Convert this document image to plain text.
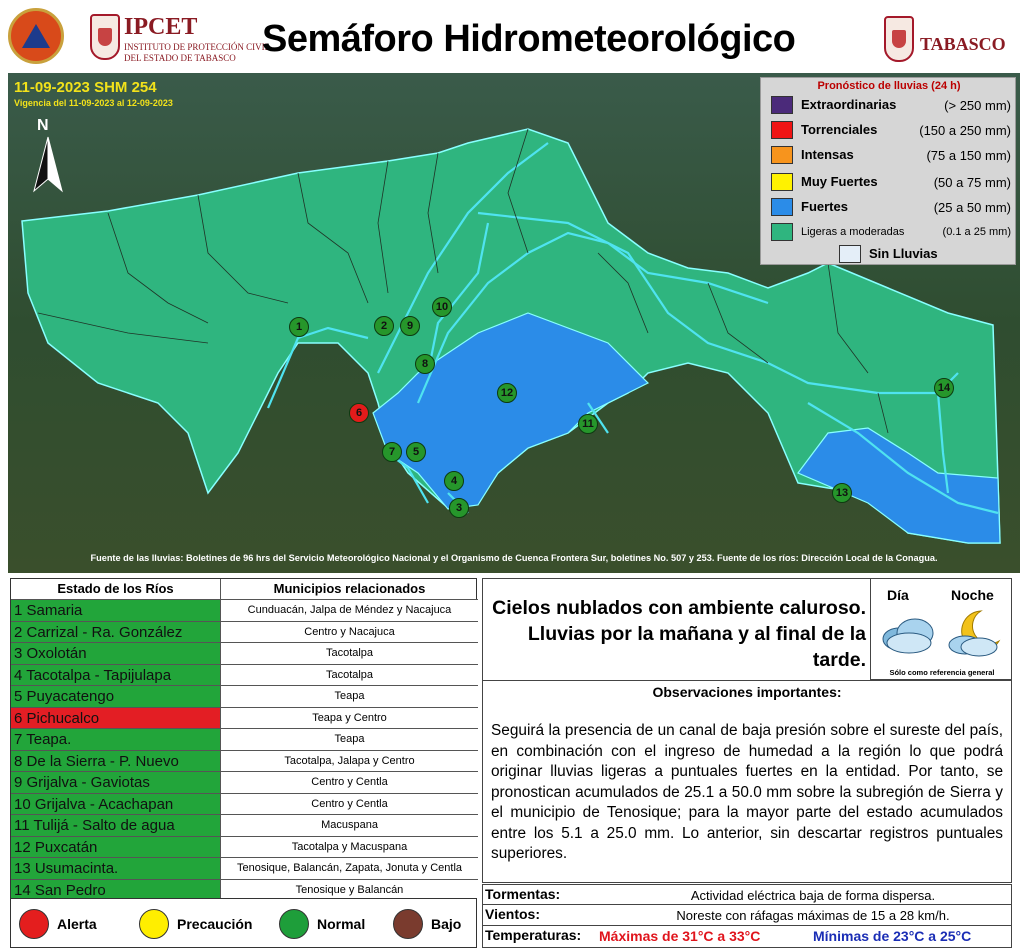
IPCET
INSTITUTO DE PROTECCIÓN CIVIL
DEL ESTADO DE TABASCO Semáforo Hidrometeorológico	TABASCO
11-09-2023 SHM 254
Vigencia del 11-09-2023 al 12-09-2023
N
Pronóstico de lluvias (24 h)
Extraordinarias	(> 250 mm)
Torrenciales	(150 a 250 mm)
Intensas	(75 a 150 mm)
Muy Fuertes	(50 a 75 mm)
Fuertes	(25 a 50 mm)
Ligeras a moderadas	(0.1 a 25 mm)
Sin Lluvias
1	2
3
4
5
6
7
8
9
10
11
12
13
14
Fuente de las lluvias: Boletines de 96 hrs del Servicio Meteorológico Nacional y el Organismo de Cuenca Frontera Sur, boletines No. 507 y 253. Fuente de los ríos: Dirección Local de la Conagua.
Estado de los Ríos	Municipios relacionados
1 Samaria	Cunduacán, Jalpa de Méndez y Nacajuca
2 Carrizal - Ra. González	Centro y Nacajuca
3 Oxolotán	Tacotalpa
4 Tacotalpa - Tapijulapa	Tacotalpa
5 Puyacatengo	Teapa
6 Pichucalco	Teapa y Centro
7 Teapa.	Teapa
8 De la Sierra - P. Nuevo	Tacotalpa, Jalapa y Centro
9 Grijalva - Gaviotas	Centro y Centla
10 Grijalva - Acachapan	Centro y Centla
11 Tulijá - Salto de agua	Macuspana
12 Puxcatán	Tacotalpa y Macuspana
13 Usumacinta.	Tenosique, Balancán, Zapata, Jonuta y Centla
14 San Pedro	Tenosique y Balancán
Alerta	Precaución	Normal	Bajo
Cielos nublados con ambiente caluroso. Lluvias por la mañana y al final de la tarde.
Día	Noche
Sólo como referencia general
Observaciones importantes:
Seguirá la presencia de un canal de baja presión sobre el sureste del país, en combinación con el ingreso de humedad a la región lo que podrá originar lluvias ligeras a puntuales fuertes en la entidad. Por tanto, se pronostican acumulados de 25.1 a 50.0 mm sobre la subregión de Sierra y el municipio de Tenosique; para la mayor parte del estado acumulados entre los 5.1 a 25.0 mm. Lo anterior, sin descartar registros puntuales superiores.
Tormentas:	Actividad eléctrica baja de forma dispersa.
Vientos:	Noreste con ráfagas máximas de 15 a 28 km/h.
Temperaturas: Máximas de 31°C a 33°C	Mínimas de 23°C a 25°C
